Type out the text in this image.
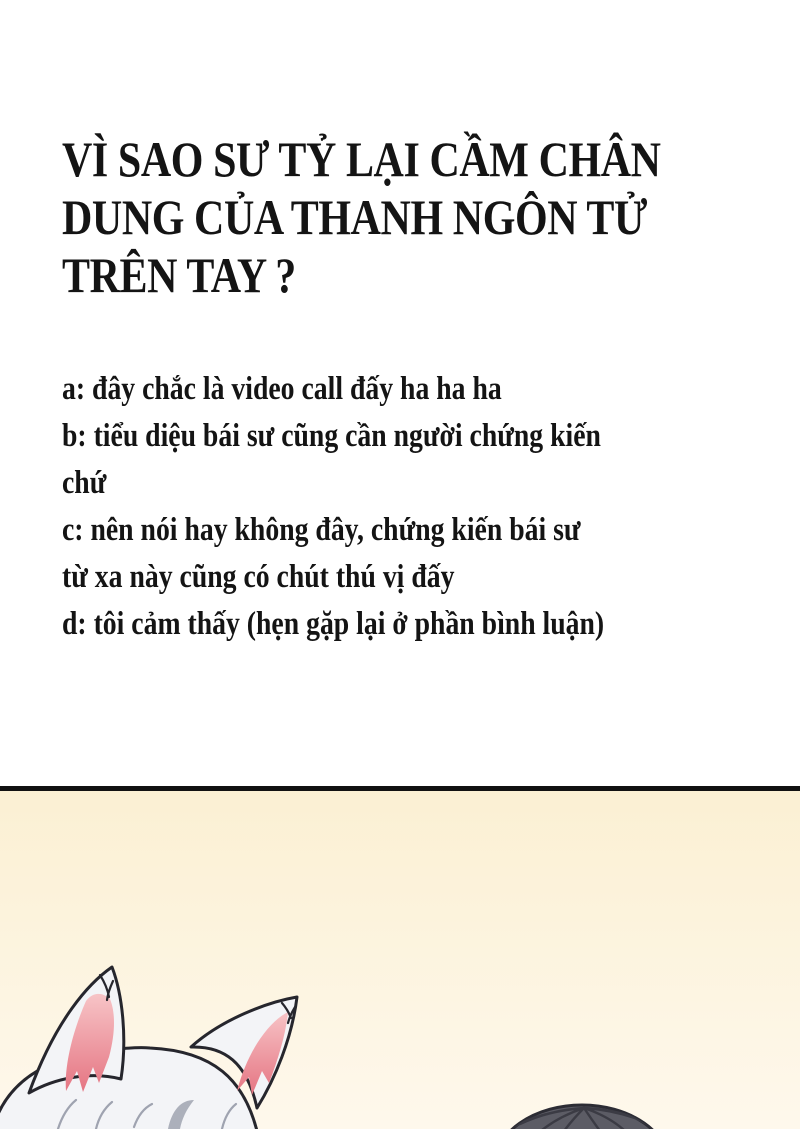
VÌ SAO SƯ TỶ LẠI CẦM CHÂN
DUNG CỦA THANH NGÔN TỬ
TRÊN TAY ?
a: đây chắc là video call đấy ha ha ha
b: tiểu diệu bái sư cũng cần người chứng kiến
chứ
c: nên nói hay không đây, chứng kiến bái sư
từ xa này cũng có chút thú vị đấy
d: tôi cảm thấy (hẹn gặp lại ở phần bình luận)
